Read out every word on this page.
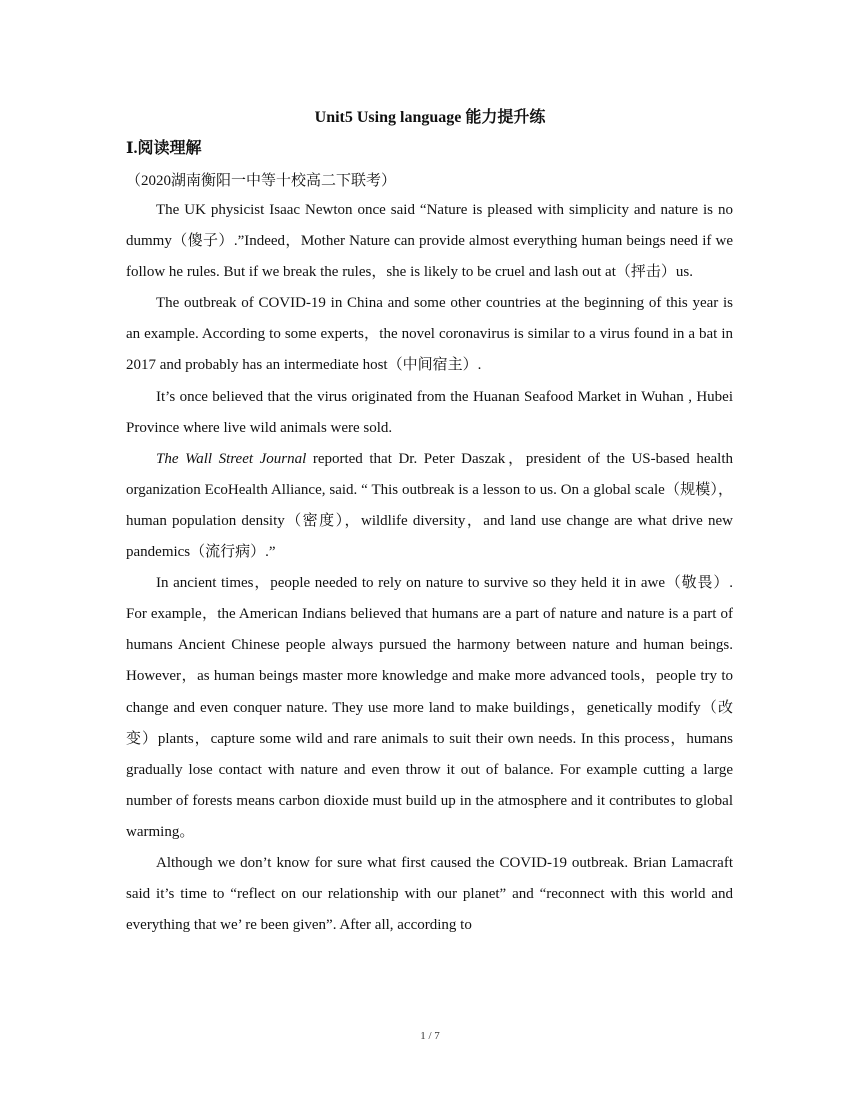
Unit5 Using language 能力提升练
Ⅰ.阅读理解
（2020湖南衡阳一中等十校高二下联考）

The UK physicist Isaac Newton once said “Nature is pleased with simplicity and nature is no dummy（傻子）.”Indeed，Mother Nature can provide almost everything human beings need if we follow he rules. But if we break the rules，she is likely to be cruel and lash out at（抨击）us.

The outbreak of COVID-19 in China and some other countries at the beginning of this year is an example. According to some experts，the novel coronavirus is similar to a virus found in a bat in 2017 and probably has an intermediate host（中间宿主）.

It’s once believed that the virus originated from the Huanan Seafood Market in Wuhan , Hubei Province where live wild animals were sold.

The Wall Street Journal reported that Dr. Peter Daszak，president of the US-based health organization EcoHealth Alliance, said. “ This outbreak is a lesson to us. On a global scale（规模），human population density（密度），wildlife diversity，and land use change are what drive new pandemics（流行病）.”

In ancient times，people needed to rely on nature to survive so they held it in awe（敬畏）. For example，the American Indians believed that humans are a part of nature and nature is a part of humans Ancient Chinese people always pursued the harmony between nature and human beings. However，as human beings master more knowledge and make more advanced tools，people try to change and even conquer nature. They use more land to make buildings，genetically modify（改变）plants，capture some wild and rare animals to suit their own needs. In this process，humans gradually lose contact with nature and even throw it out of balance. For example cutting a large number of forests means carbon dioxide must build up in the atmosphere and it contributes to global warming。

Although we don’t know for sure what first caused the COVID-19 outbreak. Brian Lamacraft said it’s time to “reflect on our relationship with our planet” and “reconnect with this world and everything that we’ re been given”. After all, according to

1 / 7
